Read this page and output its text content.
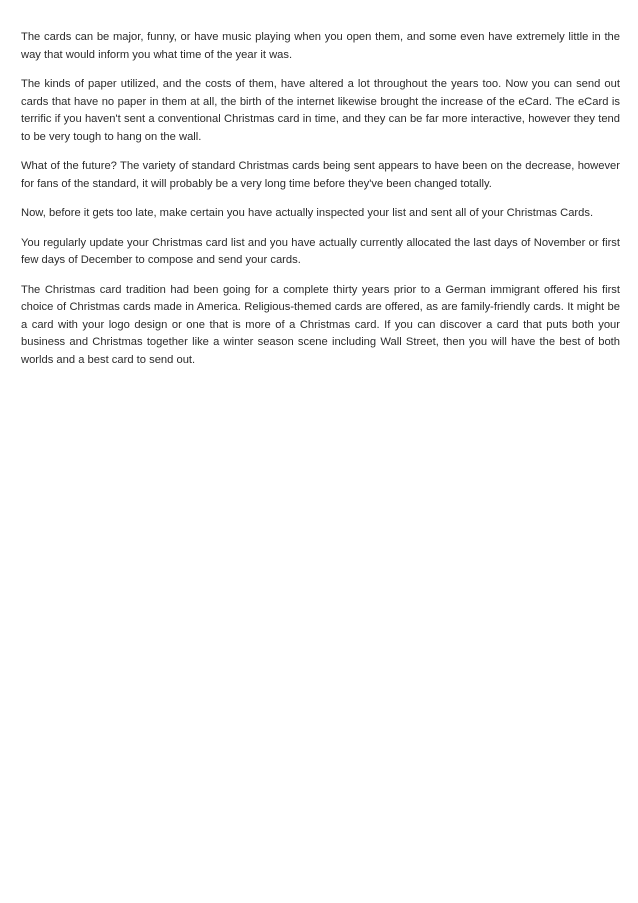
The cards can be major, funny, or have music playing when you open them, and some even have extremely little in the way that would inform you what time of the year it was.

The kinds of paper utilized, and the costs of them, have altered a lot throughout the years too. Now you can send out cards that have no paper in them at all, the birth of the internet likewise brought the increase of the eCard. The eCard is terrific if you haven't sent a conventional Christmas card in time, and they can be far more interactive, however they tend to be very tough to hang on the wall.

What of the future? The variety of standard Christmas cards being sent appears to have been on the decrease, however for fans of the standard, it will probably be a very long time before they've been changed totally.

Now, before it gets too late, make certain you have actually inspected your list and sent all of your Christmas Cards.

You regularly update your Christmas card list and you have actually currently allocated the last days of November or first few days of December to compose and send your cards.

The Christmas card tradition had been going for a complete thirty years prior to a German immigrant offered his first choice of Christmas cards made in America. Religious-themed cards are offered, as are family-friendly cards. It might be a card with your logo design or one that is more of a Christmas card. If you can discover a card that puts both your business and Christmas together like a winter season scene including Wall Street, then you will have the best of both worlds and a best card to send out.
